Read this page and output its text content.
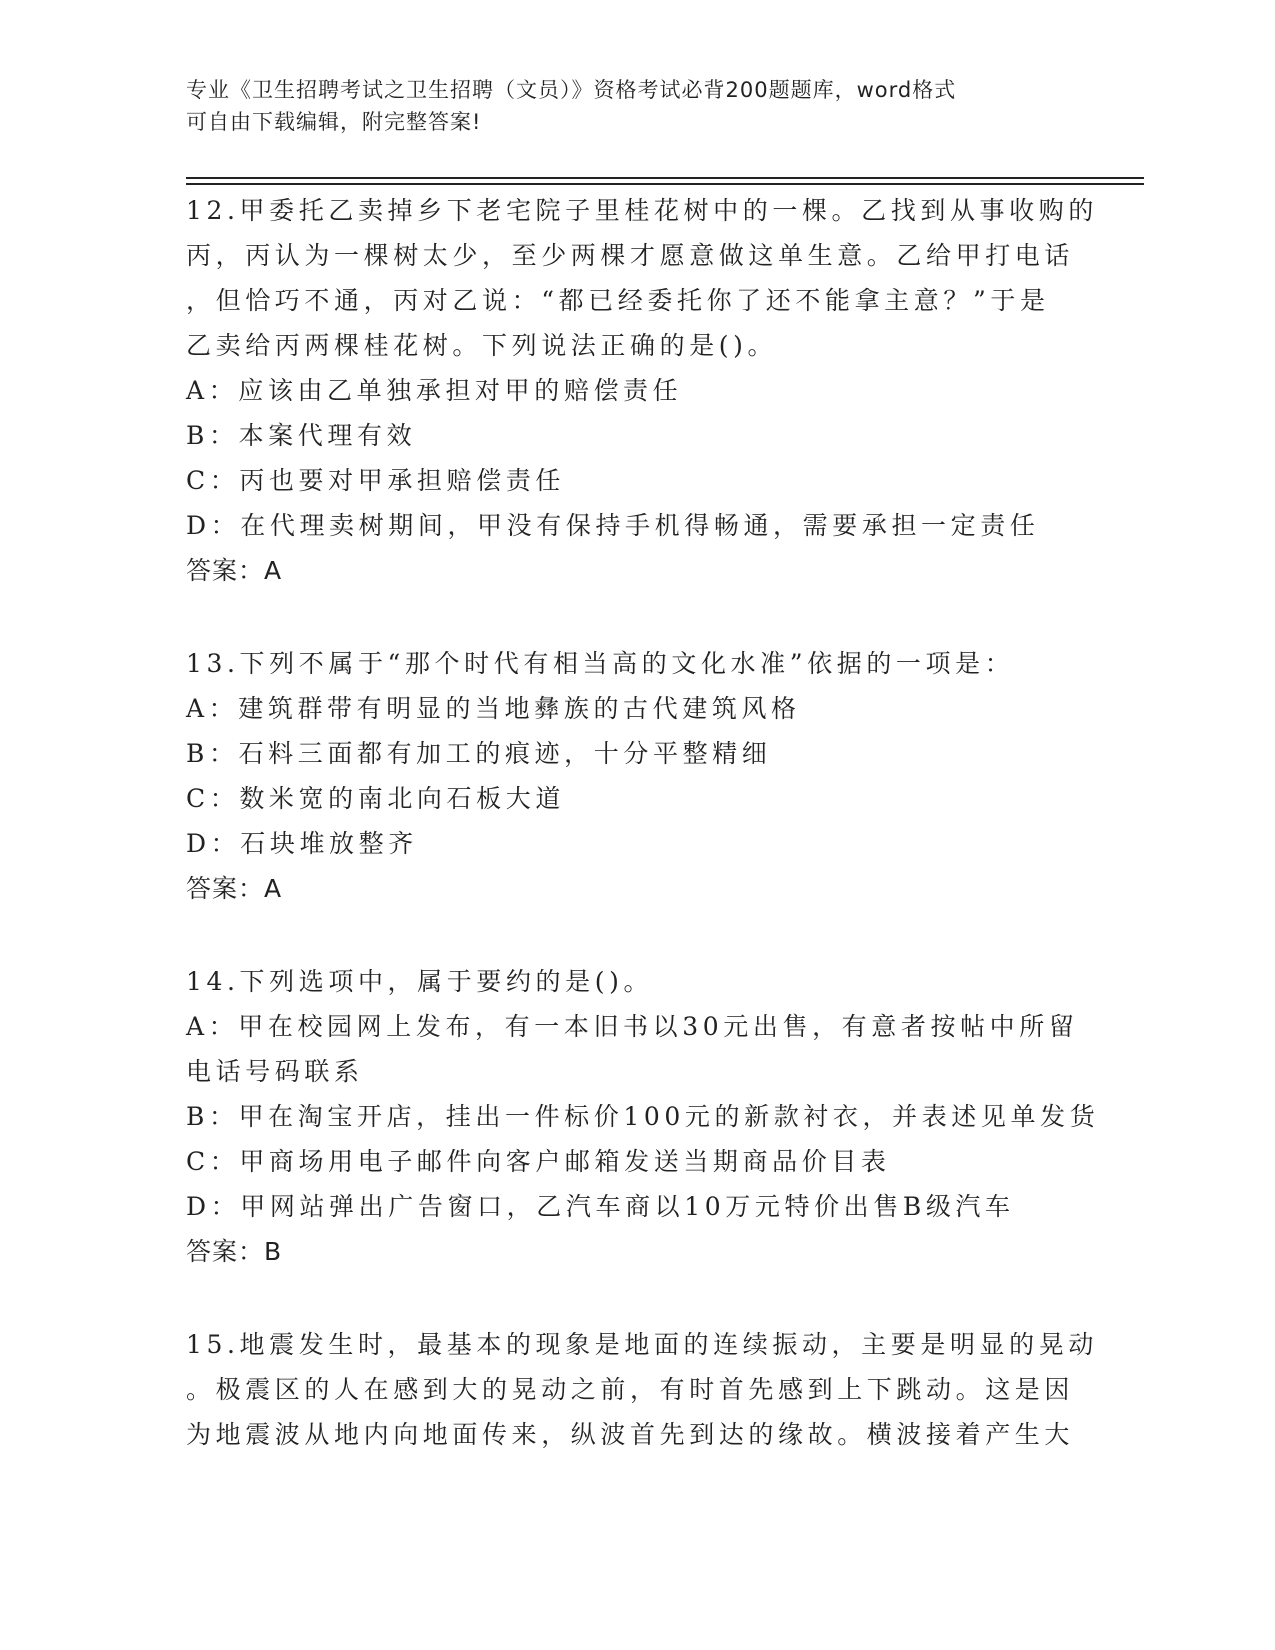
专业《卫生招聘考试之卫生招聘（文员）》资格考试必背200题题库，word格式
可自由下载编辑，附完整答案!
12.甲委托乙卖掉乡下老宅院子里桂花树中的一棵。乙找到从事收购的
丙，丙认为一棵树太少，至少两棵才愿意做这单生意。乙给甲打电话
，但恰巧不通，丙对乙说：“都已经委托你了还不能拿主意？”于是
乙卖给丙两棵桂花树。下列说法正确的是()。
A：应该由乙单独承担对甲的赔偿责任
B：本案代理有效
C：丙也要对甲承担赔偿责任
D：在代理卖树期间，甲没有保持手机得畅通，需要承担一定责任
答案：A
13.下列不属于“那个时代有相当高的文化水准”依据的一项是：
A：建筑群带有明显的当地彝族的古代建筑风格
B：石料三面都有加工的痕迹，十分平整精细
C：数米宽的南北向石板大道
D：石块堆放整齐
答案：A
14.下列选项中，属于要约的是()。
A：甲在校园网上发布，有一本旧书以30元出售，有意者按帖中所留
电话号码联系
B：甲在淘宝开店，挂出一件标价100元的新款衬衣，并表述见单发货
C：甲商场用电子邮件向客户邮箱发送当期商品价目表
D：甲网站弹出广告窗口，乙汽车商以10万元特价出售B级汽车
答案：B
15.地震发生时，最基本的现象是地面的连续振动，主要是明显的晃动
。极震区的人在感到大的晃动之前，有时首先感到上下跳动。这是因
为地震波从地内向地面传来，纵波首先到达的缘故。横波接着产生大
